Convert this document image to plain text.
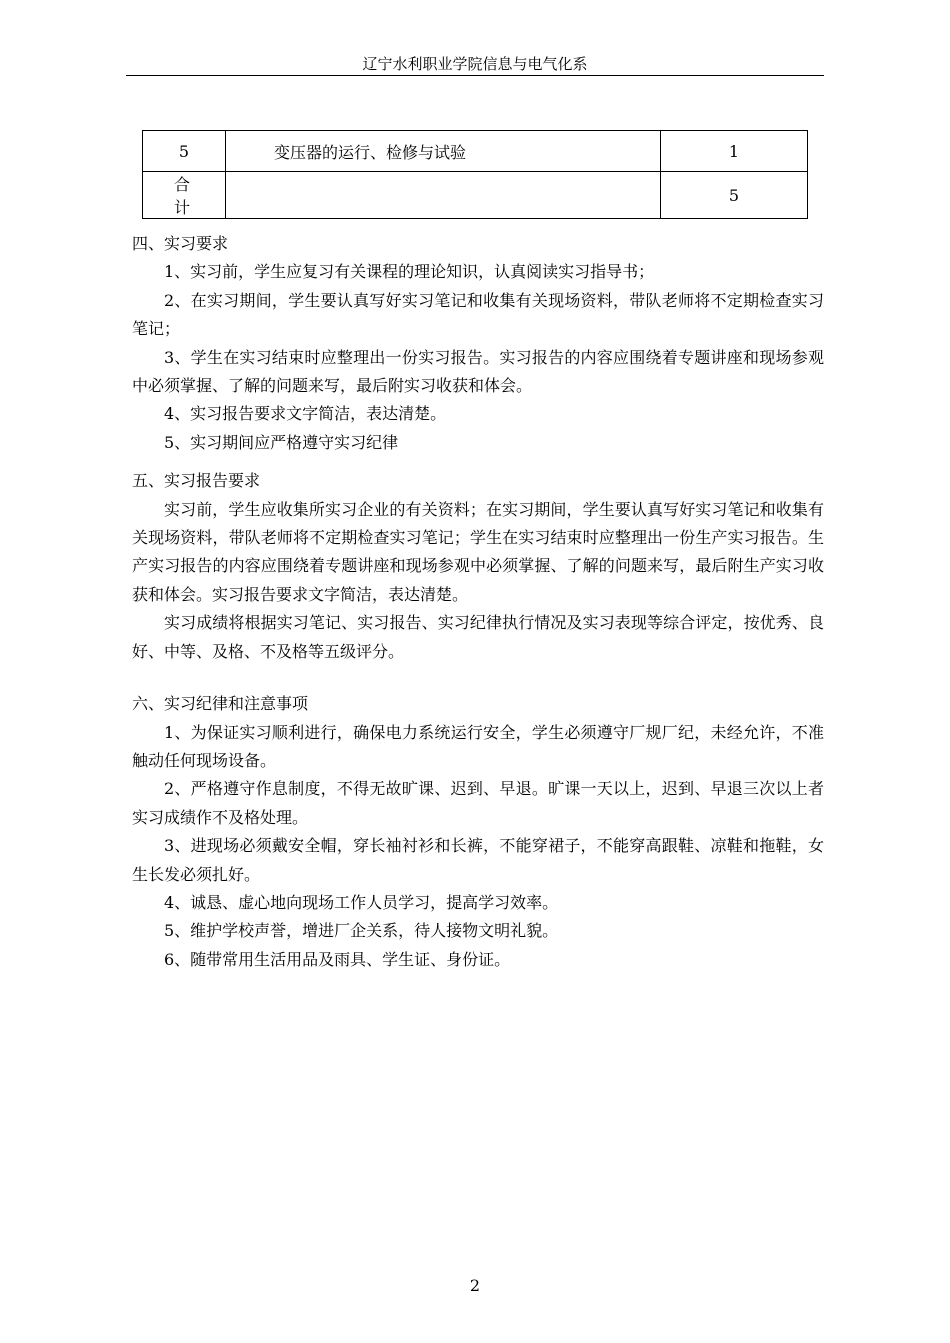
辽宁水利职业学院信息与电气化系
5	变压器的运行、检修与试验	1
合计		5

四、实习要求

1、实习前，学生应复习有关课程的理论知识，认真阅读实习指导书；

2、在实习期间，学生要认真写好实习笔记和收集有关现场资料，带队老师将不定期检查实习笔记；

3、学生在实习结束时应整理出一份实习报告。实习报告的内容应围绕着专题讲座和现场参观中必须掌握、了解的问题来写，最后附实习收获和体会。

4、实习报告要求文字简洁，表达清楚。

5、实习期间应严格遵守实习纪律

五、实习报告要求

实习前，学生应收集所实习企业的有关资料；在实习期间，学生要认真写好实习笔记和收集有关现场资料，带队老师将不定期检查实习笔记；学生在实习结束时应整理出一份生产实习报告。生产实习报告的内容应围绕着专题讲座和现场参观中必须掌握、了解的问题来写，最后附生产实习收获和体会。实习报告要求文字简洁，表达清楚。

实习成绩将根据实习笔记、实习报告、实习纪律执行情况及实习表现等综合评定，按优秀、良好、中等、及格、不及格等五级评分。

六、实习纪律和注意事项

1、为保证实习顺利进行，确保电力系统运行安全，学生必须遵守厂规厂纪，未经允许，不准触动任何现场设备。

2、严格遵守作息制度，不得无故旷课、迟到、早退。旷课一天以上，迟到、早退三次以上者实习成绩作不及格处理。

3、进现场必须戴安全帽，穿长袖衬衫和长裤，不能穿裙子，不能穿高跟鞋、凉鞋和拖鞋，女生长发必须扎好。

4、诚恳、虚心地向现场工作人员学习，提高学习效率。

5、维护学校声誉，增进厂企关系，待人接物文明礼貌。

6、随带常用生活用品及雨具、学生证、身份证。

2
